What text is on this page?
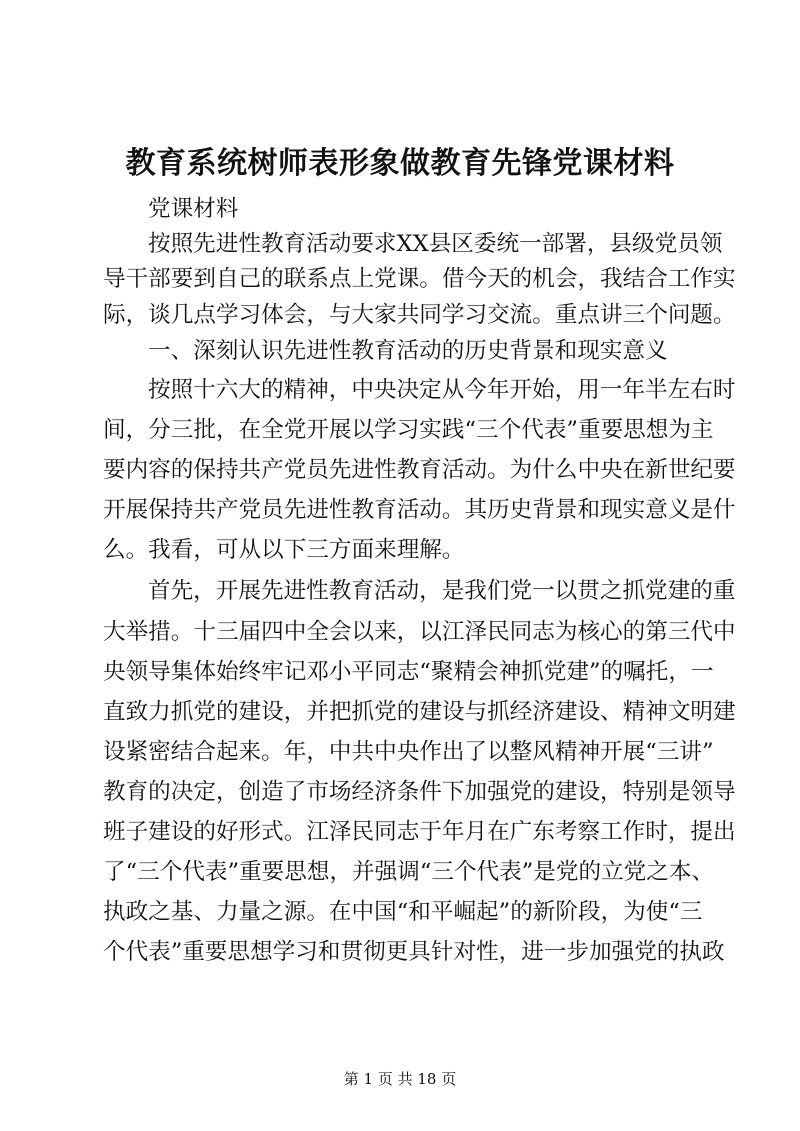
教育系统树师表形象做教育先锋党课材料
党课材料
按照先进性教育活动要求XX县区委统一部署，县级党员领
导干部要到自己的联系点上党课。借今天的机会，我结合工作实
际，谈几点学习体会，与大家共同学习交流。重点讲三个问题。
一、深刻认识先进性教育活动的历史背景和现实意义
按照十六大的精神，中央决定从今年开始，用一年半左右时
间，分三批，在全党开展以学习实践“三个代表”重要思想为主
要内容的保持共产党员先进性教育活动。为什么中央在新世纪要
开展保持共产党员先进性教育活动。其历史背景和现实意义是什
么。我看，可从以下三方面来理解。
首先，开展先进性教育活动，是我们党一以贯之抓党建的重
大举措。十三届四中全会以来，以江泽民同志为核心的第三代中
央领导集体始终牢记邓小平同志“聚精会神抓党建”的嘱托，一
直致力抓党的建设，并把抓党的建设与抓经济建设、精神文明建
设紧密结合起来。年，中共中央作出了以整风精神开展“三讲”
教育的决定，创造了市场经济条件下加强党的建设，特别是领导
班子建设的好形式。江泽民同志于年月在广东考察工作时，提出
了“三个代表”重要思想，并强调“三个代表”是党的立党之本、
执政之基、力量之源。在中国“和平崛起”的新阶段，为使“三
个代表”重要思想学习和贯彻更具针对性，进一步加强党的执政
第 1 页 共 18 页
